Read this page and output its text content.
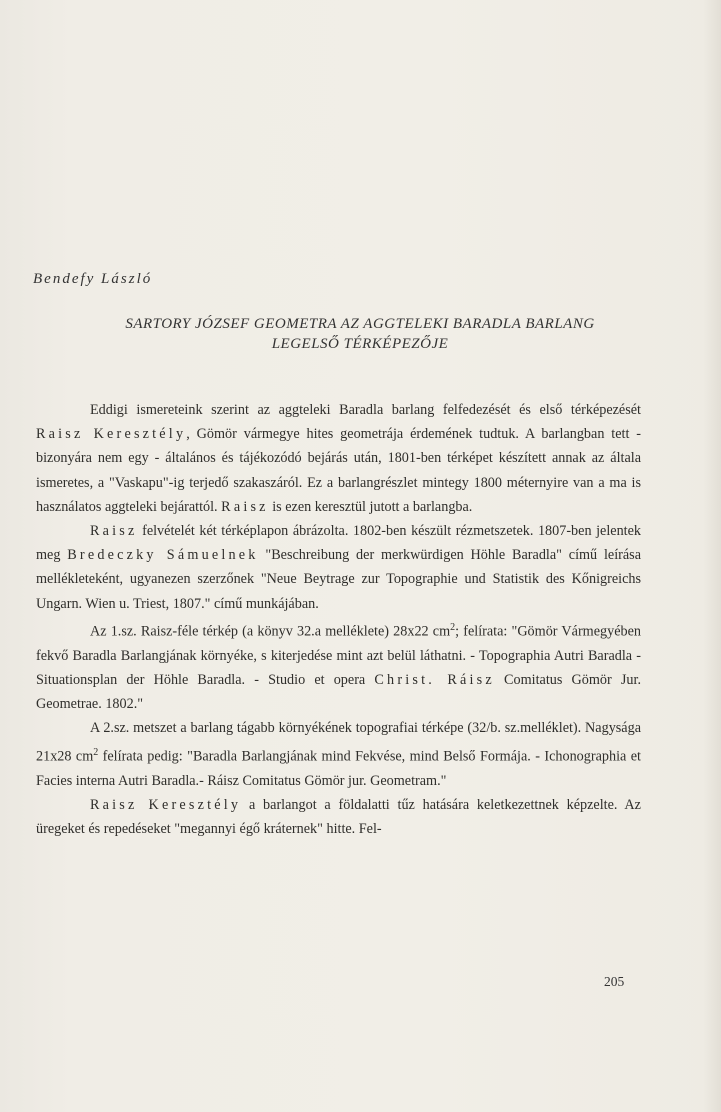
Bendefy László
SARTORY JÓZSEF GEOMETRA AZ AGGTELEKI BARADLA BARLANG
LEGELSŐ TÉRKÉPEZŐJE

Eddigi ismereteink szerint az aggteleki Baradla barlang felfedezését és első térképezését Raisz Keresztély, Gömör vármegye hites geometrája érdemének tudtuk. A barlangban tett - bizonyára nem egy - általános és tájékozódó bejárás után, 1801-ben térképet készített annak az általa ismeretes, a "Vaskapu"-ig terjedő szakaszáról. Ez a barlangrészlet mintegy 1800 méternyire van a ma is használatos aggteleki bejárattól. Raisz is ezen keresztül jutott a barlangba.

Raisz felvételét két térképlapon ábrázolta. 1802-ben készült rézmetszetek. 1807-ben jelentek meg Bredeczky Sámuelnek "Beschreibung der merkwürdigen Höhle Baradla" című leírása mellékleteként, ugyanezen szerzőnek "Neue Beytrage zur Topographie und Statistik des Kőnigreichs Ungarn. Wien u. Triest, 1807." című munkájában.

Az 1.sz. Raisz-féle térkép (a könyv 32.a melléklete) 28x22 $cm^2$; felírata: "Gömör Vármegyében fekvő Baradla Barlangjának környéke, s kiterjedése mint azt belül láthatni. - Topographia Autri Baradla - Situationsplan der Höhle Baradla. - Studio et opera Christ. Ráisz Comitatus Gömör Jur. Geometrae. 1802."

A 2.sz. metszet a barlang tágabb környékének topografiai térképe (32/b. sz.melléklet). Nagysága 21x28 $cm^2$ felírata pedig: "Baradla Barlangjának mind Fekvése, mind Belső Formája. - Ichonographia et Facies interna Autri Baradla.- Ráisz Comitatus Gömör jur. Geometram."

Raisz Keresztély a barlangot a földalatti tűz hatására keletkezettnek képzelte. Az üregeket és repedéseket "megannyi égő kráternek" hitte. Fel-

205
